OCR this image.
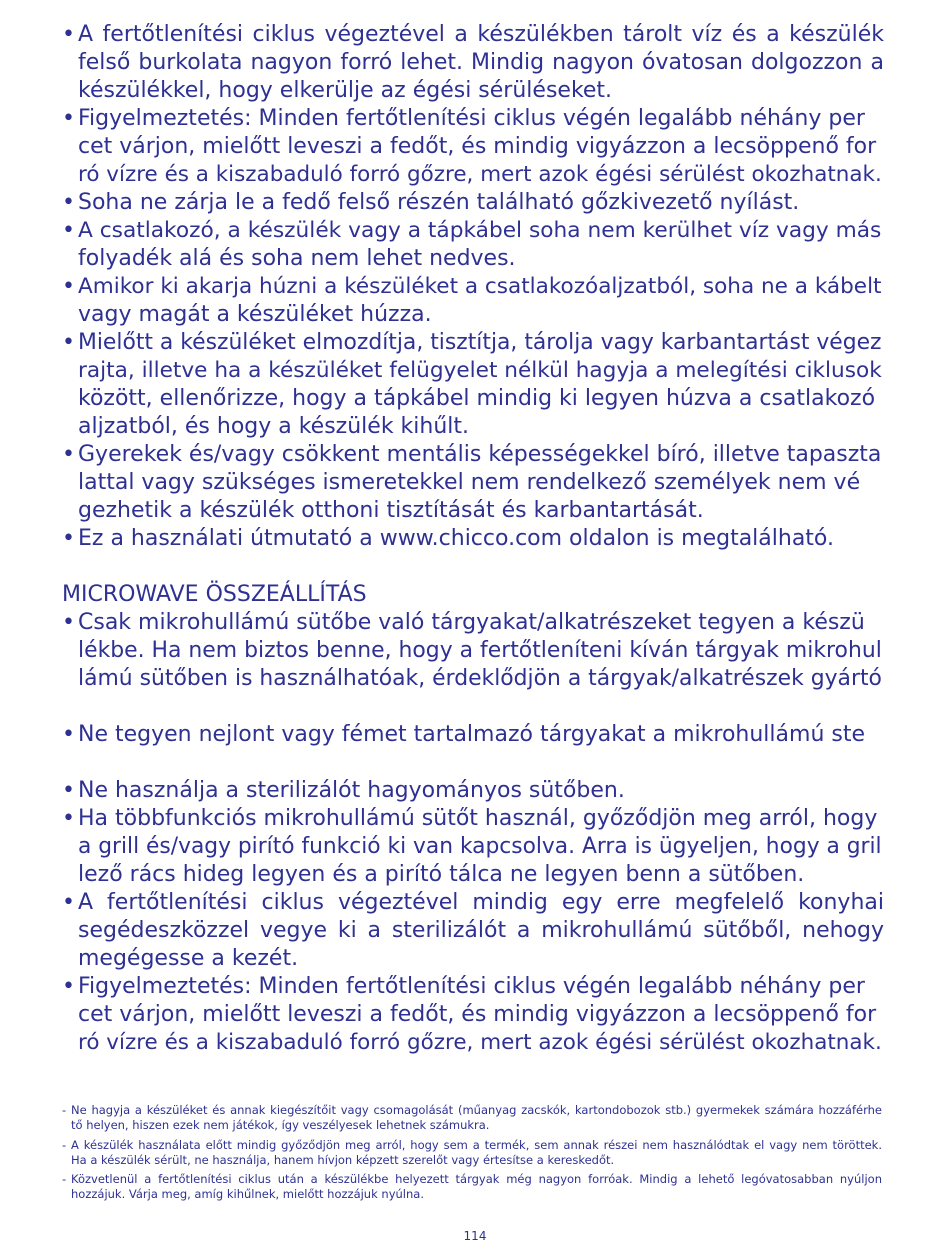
• A fertőtlenítési ciklus végeztével a készülékben tárolt víz és a készülék
felső burkolata nagyon forró lehet. Mindig nagyon óvatosan dolgozzon a
készülékkel, hogy elkerülje az égési sérüléseket.
• Figyelmeztetés: Minden fertőtlenítési ciklus végén legalább néhány per
cet várjon, mielőtt leveszi a fedőt, és mindig vigyázzon a lecsöppenő for
ró vízre és a kiszabaduló forró gőzre, mert azok égési sérülést okozhatnak.
• Soha ne zárja le a fedő felső részén található gőzkivezető nyílást.
• A csatlakozó, a készülék vagy a tápkábel soha nem kerülhet víz vagy más
folyadék alá és soha nem lehet nedves.
• Amikor ki akarja húzni a készüléket a csatlakozóaljzatból, soha ne a kábelt
vagy magát a készüléket húzza.
• Mielőtt a készüléket elmozdítja, tisztítja, tárolja vagy karbantartást végez
rajta, illetve ha a készüléket felügyelet nélkül hagyja a melegítési ciklusok
között, ellenőrizze, hogy a tápkábel mindig ki legyen húzva a csatlakozó
aljzatból, és hogy a készülék kihűlt.
• Gyerekek és/vagy csökkent mentális képességekkel bíró, illetve tapaszta
lattal vagy szükséges ismeretekkel nem rendelkező személyek nem vé
gezhetik a készülék otthoni tisztítását és karbantartását.
• Ez a használati útmutató a www.chicco.com oldalon is megtalálható.
MICROWAVE ÖSSZEÁLLÍTÁS
• Csak mikrohullámú sütőbe való tárgyakat/alkatrészeket tegyen a készü
lékbe. Ha nem biztos benne, hogy a fertőtleníteni kíván tárgyak mikrohul
lámú sütőben is használhatóak, érdeklődjön a tárgyak/alkatrészek gyártó
• Ne tegyen nejlont vagy fémet tartalmazó tárgyakat a mikrohullámú ste
• Ne használja a sterilizálót hagyományos sütőben.
• Ha többfunkciós mikrohullámú sütőt használ, győződjön meg arról, hogy
a grill és/vagy pirító funkció ki van kapcsolva. Arra is ügyeljen, hogy a gril
lező rács hideg legyen és a pirító tálca ne legyen benn a sütőben.
• A fertőtlenítési ciklus végeztével mindig egy erre megfelelő konyhai
segédeszközzel vegye ki a sterilizálót a mikrohullámú sütőből, nehogy
megégesse a kezét.
• Figyelmeztetés: Minden fertőtlenítési ciklus végén legalább néhány per
cet várjon, mielőtt leveszi a fedőt, és mindig vigyázzon a lecsöppenő for
ró vízre és a kiszabaduló forró gőzre, mert azok égési sérülést okozhatnak.
- Ne hagyja a készüléket és annak kiegészítőit vagy csomagolását (műanyag zacskók, kartondobozok stb.) gyermekek számára hozzáférhe
tő helyen, hiszen ezek nem játékok, így veszélyesek lehetnek számukra.
- A készülék használata előtt mindig győződjön meg arról, hogy sem a termék, sem annak részei nem használódtak el vagy nem töröttek.
Ha a készülék sérült, ne használja, hanem hívjon képzett szerelőt vagy értesítse a kereskedőt.
- Közvetlenül a fertőtlenítési ciklus után a készülékbe helyezett tárgyak még nagyon forróak. Mindig a lehető legóvatosabban nyúljon
hozzájuk. Várja meg, amíg kihűlnek, mielőtt hozzájuk nyúlna.
114
